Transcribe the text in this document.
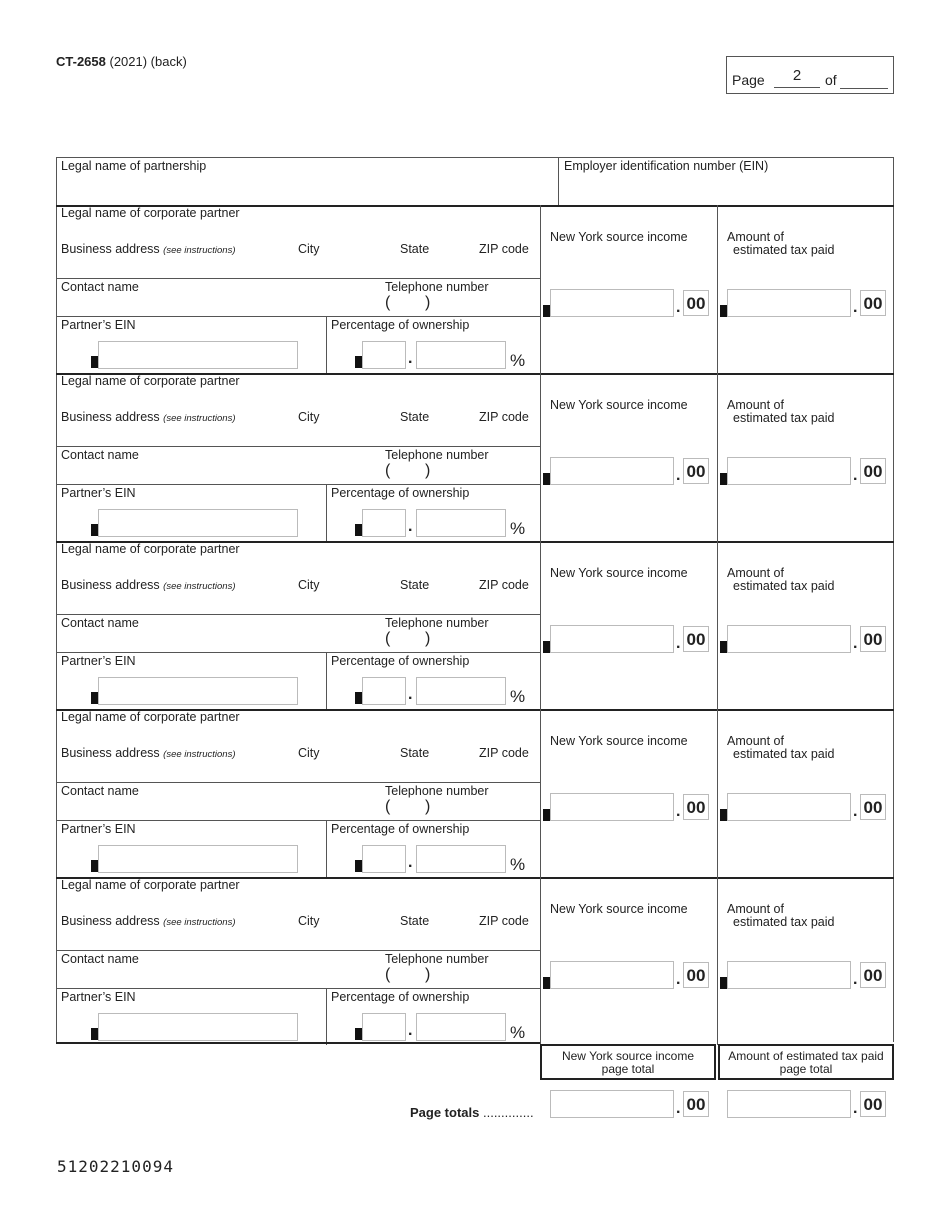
CT-2658 (2021) (back)
Page	2	of
Legal name of partnership	Employer identification number (EIN)
Legal name of corporate partner
Business address (see instructions)	City	State	ZIP code
Contact name	Telephone number
( )
Partner’s EIN	Percentage of ownership
.	%
New York source income
. 00
Amount of
estimated tax paid
. 00
Legal name of corporate partner
Business address (see instructions)	City	State	ZIP code
Contact name	Telephone number
( )
Partner’s EIN	Percentage of ownership
.	%
New York source income
. 00
Amount of
estimated tax paid
. 00
Legal name of corporate partner
Business address (see instructions)	City	State	ZIP code
Contact name	Telephone number
( )
Partner’s EIN	Percentage of ownership
.	%
New York source income
. 00
Amount of
estimated tax paid
. 00
Legal name of corporate partner
Business address (see instructions)	City	State	ZIP code
Contact name	Telephone number
( )
Partner’s EIN	Percentage of ownership
.	%
New York source income
. 00
Amount of
estimated tax paid
. 00
Legal name of corporate partner
Business address (see instructions)	City	State	ZIP code
Contact name	Telephone number
( )
Partner’s EIN	Percentage of ownership
.	%
New York source income
. 00
Amount of
estimated tax paid
. 00
New York source income
page total
Amount of estimated tax paid
page total
Page totals ..............	. 00	. 00
51202210094
